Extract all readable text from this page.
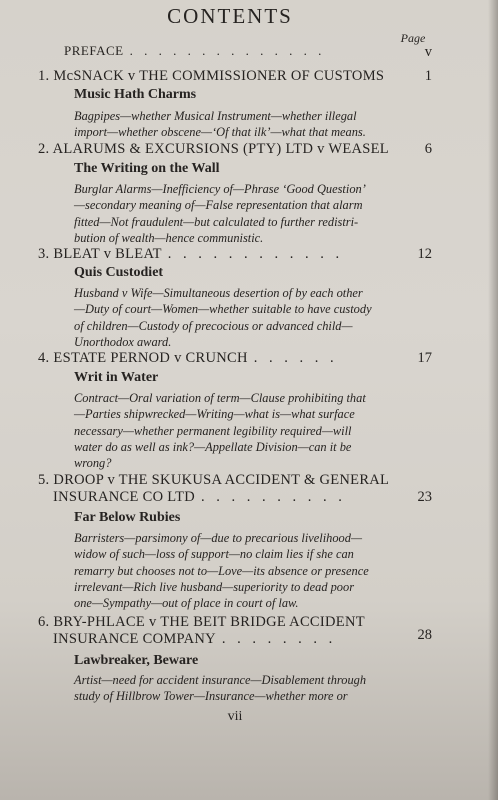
CONTENTS
Page
PREFACE . . . . . . . . . . . . . .	v
1. McSNACK v THE COMMISSIONER OF CUSTOMS	1
Music Hath Charms
Bagpipes—whether Musical Instrument—whether illegal
import—whether obscene—‘Of that ilk’—what that means.
2. ALARUMS & EXCURSIONS (PTY) LTD v WEASEL	6
The Writing on the Wall
Burglar Alarms—Inefficiency of—Phrase ‘Good Question’
—secondary meaning of—False representation that alarm
fitted—Not fraudulent—but calculated to further redistri-
bution of wealth—hence communistic.
3. BLEAT v BLEAT . . . . . . . . . . . .	12
Quis Custodiet
Husband v Wife—Simultaneous desertion of by each other
—Duty of court—Women—whether suitable to have custody
of children—Custody of precocious or advanced child—
Unorthodox award.
4. ESTATE PERNOD v CRUNCH . . . . . .	17
Writ in Water
Contract—Oral variation of term—Clause prohibiting that
—Parties shipwrecked—Writing—what is—what surface
necessary—whether permanent legibility required—will
water do as well as ink?—Appellate Division—can it be
wrong?
5. DROOP v THE SKUKUSA ACCIDENT & GENERAL
INSURANCE CO LTD . . . . . . . . . .	23
Far Below Rubies
Barristers—parsimony of—due to precarious livelihood—
widow of such—loss of support—no claim lies if she can
remarry but chooses not to—Love—its absence or presence
irrelevant—Rich live husband—superiority to dead poor
one—Sympathy—out of place in court of law.
6. BRY-PHLACE v THE BEIT BRIDGE ACCIDENT
INSURANCE COMPANY . . . . . . . .	28
Lawbreaker, Beware
Artist—need for accident insurance—Disablement through
study of Hillbrow Tower—Insurance—whether more or
vii
